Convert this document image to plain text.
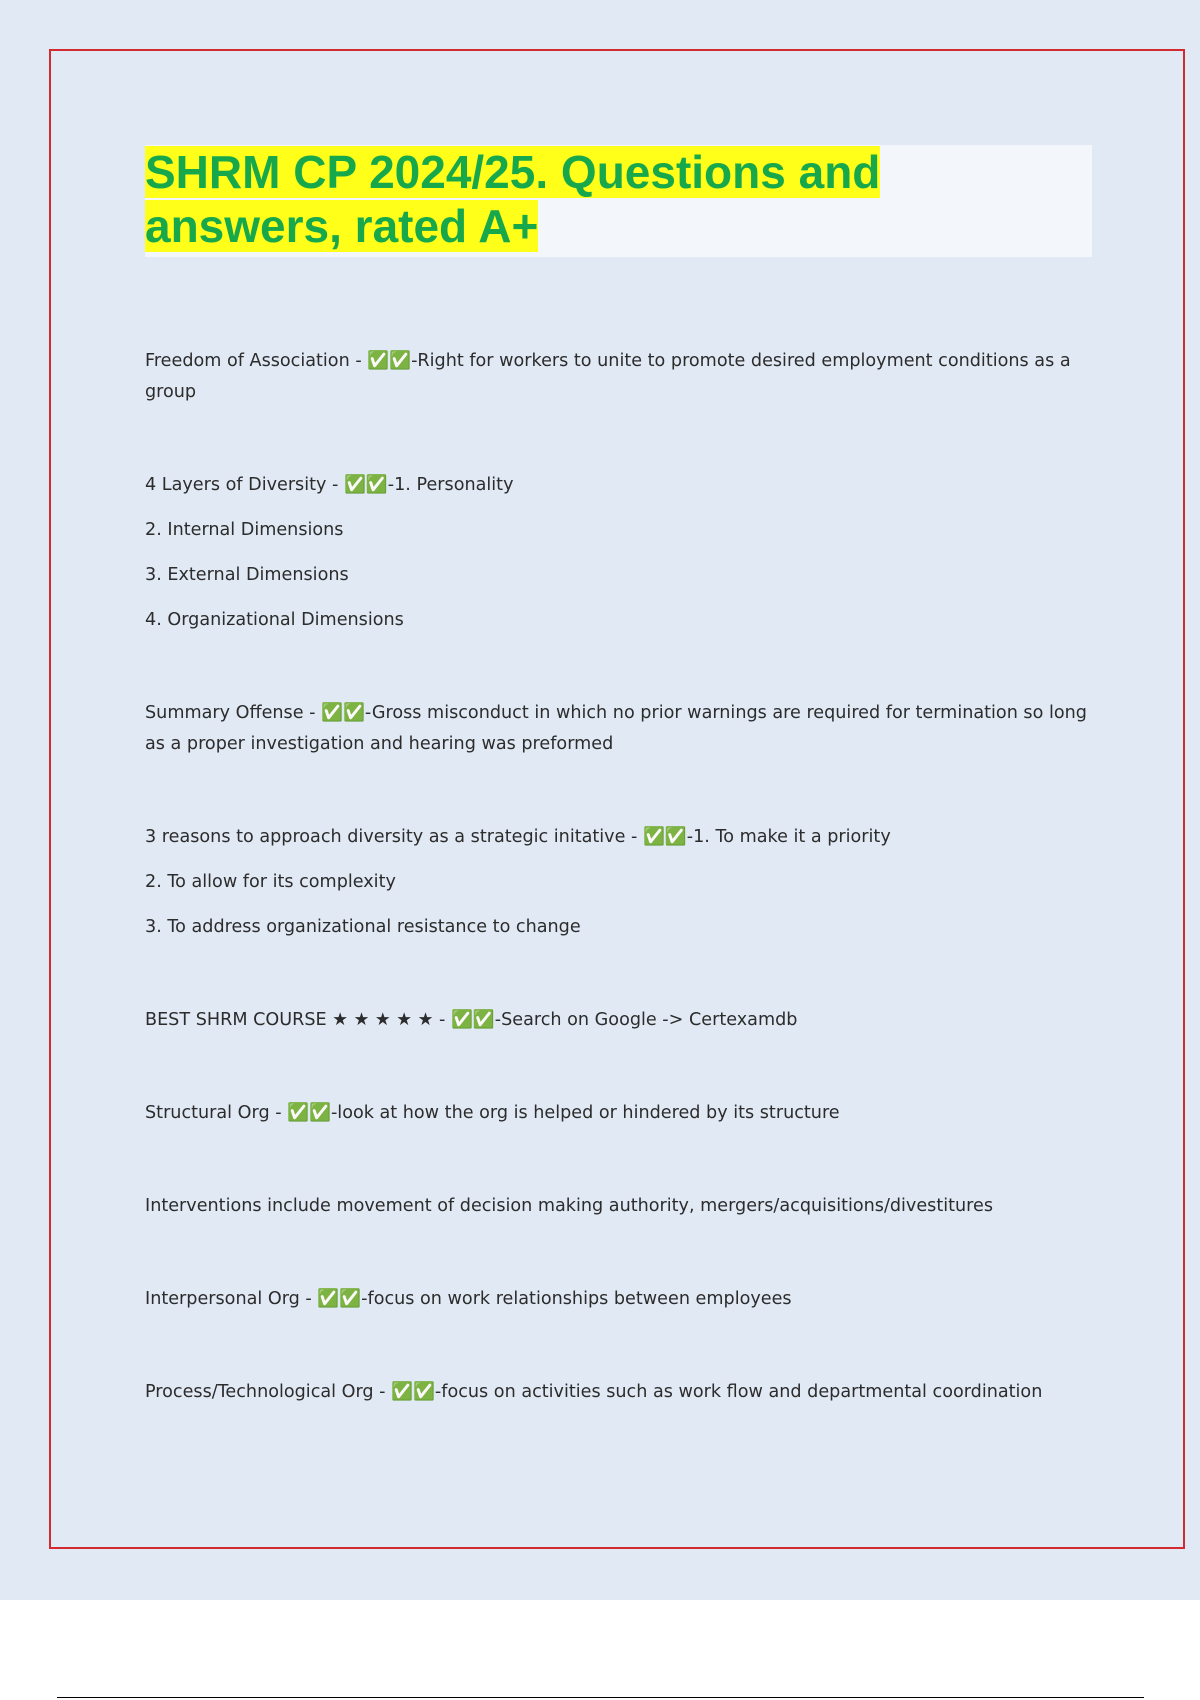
SHRM CP 2024/25. Questions and answers, rated A+

Freedom of Association - ✅✅-Right for workers to unite to promote desired employment conditions as a group

4 Layers of Diversity - ✅✅-1. Personality

2. Internal Dimensions

3. External Dimensions

4. Organizational Dimensions

Summary Offense - ✅✅-Gross misconduct in which no prior warnings are required for termination so long as a proper investigation and hearing was preformed

3 reasons to approach diversity as a strategic initative - ✅✅-1. To make it a priority

2. To allow for its complexity

3. To address organizational resistance to change

BEST SHRM COURSE ★ ★ ★ ★ ★ - ✅✅-Search on Google -> Certexamdb

Structural Org - ✅✅-look at how the org is helped or hindered by its structure

Interventions include movement of decision making authority, mergers/acquisitions/divestitures

Interpersonal Org - ✅✅-focus on work relationships between employees

Process/Technological Org - ✅✅-focus on activities such as work flow and departmental coordination
